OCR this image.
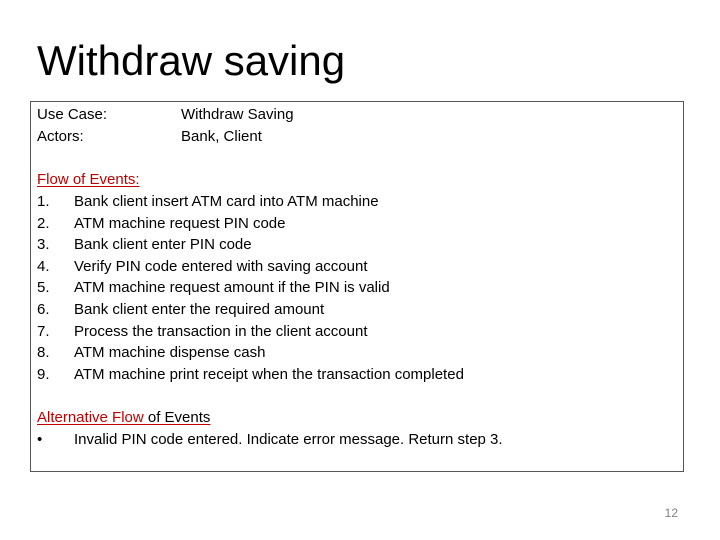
Withdraw saving
Use Case:	Withdraw Saving
Actors:	Bank, Client
Flow of Events:
1. Bank client insert ATM card into ATM machine
2. ATM machine request PIN code
3. Bank client enter PIN code
4. Verify PIN code entered with saving account
5. ATM machine request amount if the PIN is valid
6. Bank client enter the required amount
7. Process the transaction in the client account
8. ATM machine dispense cash
9. ATM machine print receipt when the transaction completed
Alternative Flow of Events
• Invalid PIN code entered. Indicate error message. Return step 3.
12
